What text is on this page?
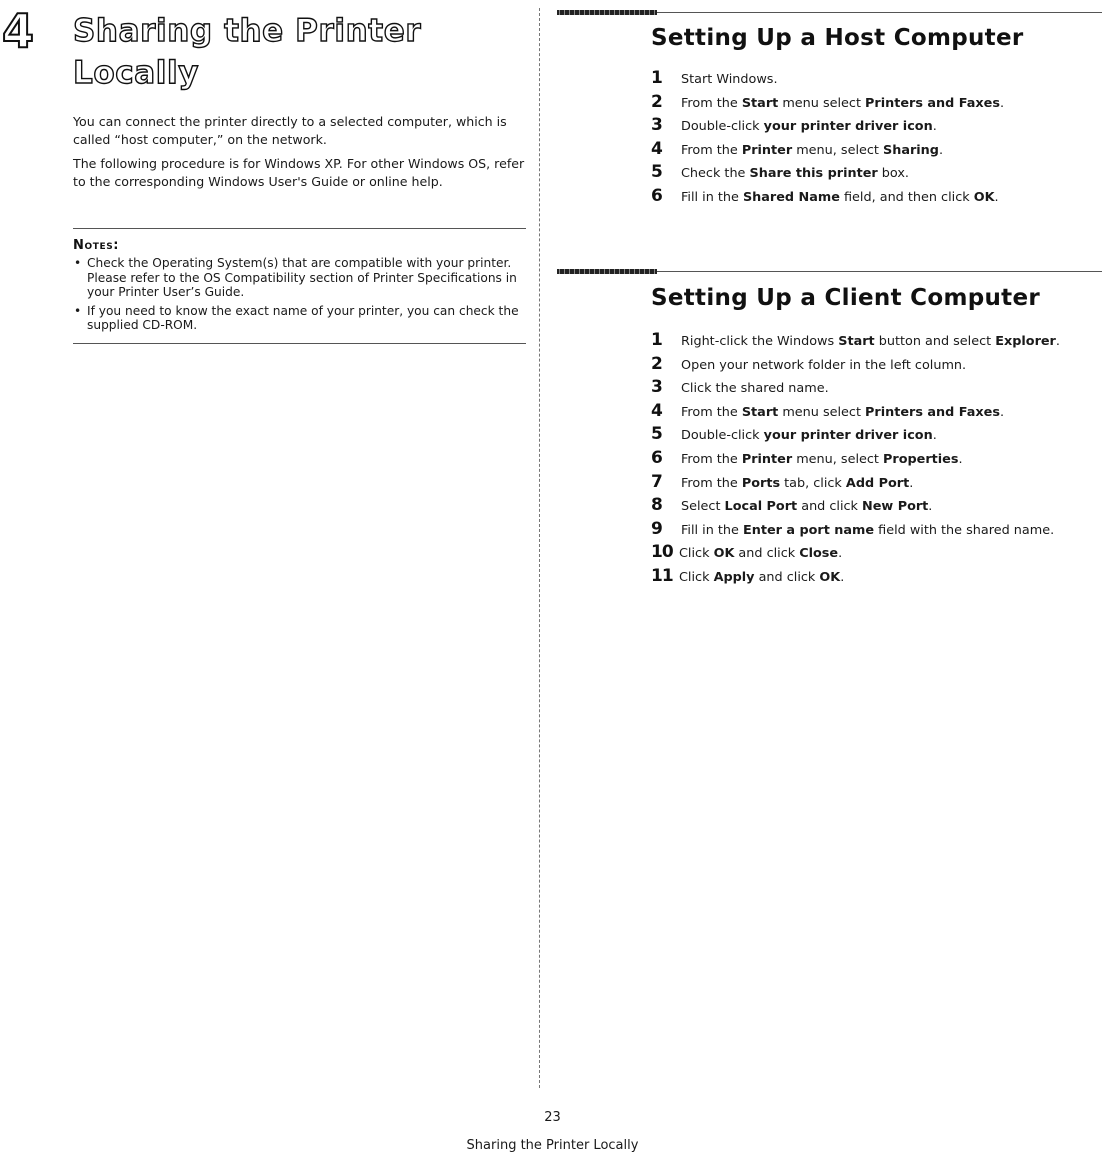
4 Sharing the Printer Locally

You can connect the printer directly to a selected computer, which is called “host computer,” on the network.

The following procedure is for Windows XP. For other Windows OS, refer to the corresponding Windows User's Guide or online help.

Notes:
• Check the Operating System(s) that are compatible with your printer. Please refer to the OS Compatibility section of Printer Specifications in your Printer User’s Guide.
• If you need to know the exact name of your printer, you can check the supplied CD-ROM.
Setting Up a Host Computer
1	Start Windows.
2	From the Start menu select Printers and Faxes.
3	Double-click your printer driver icon.
4	From the Printer menu, select Sharing.
5	Check the Share this printer box.
6	Fill in the Shared Name field, and then click OK.
Setting Up a Client Computer
1	Right-click the Windows Start button and select Explorer.
2	Open your network folder in the left column.
3	Click the shared name.
4	From the Start menu select Printers and Faxes.
5	Double-click your printer driver icon.
6	From the Printer menu, select Properties.
7	From the Ports tab, click Add Port.
8	Select Local Port and click New Port.
9	Fill in the Enter a port name field with the shared name.
10 Click OK and click Close.
11 Click Apply and click OK.
23
Sharing the Printer Locally
